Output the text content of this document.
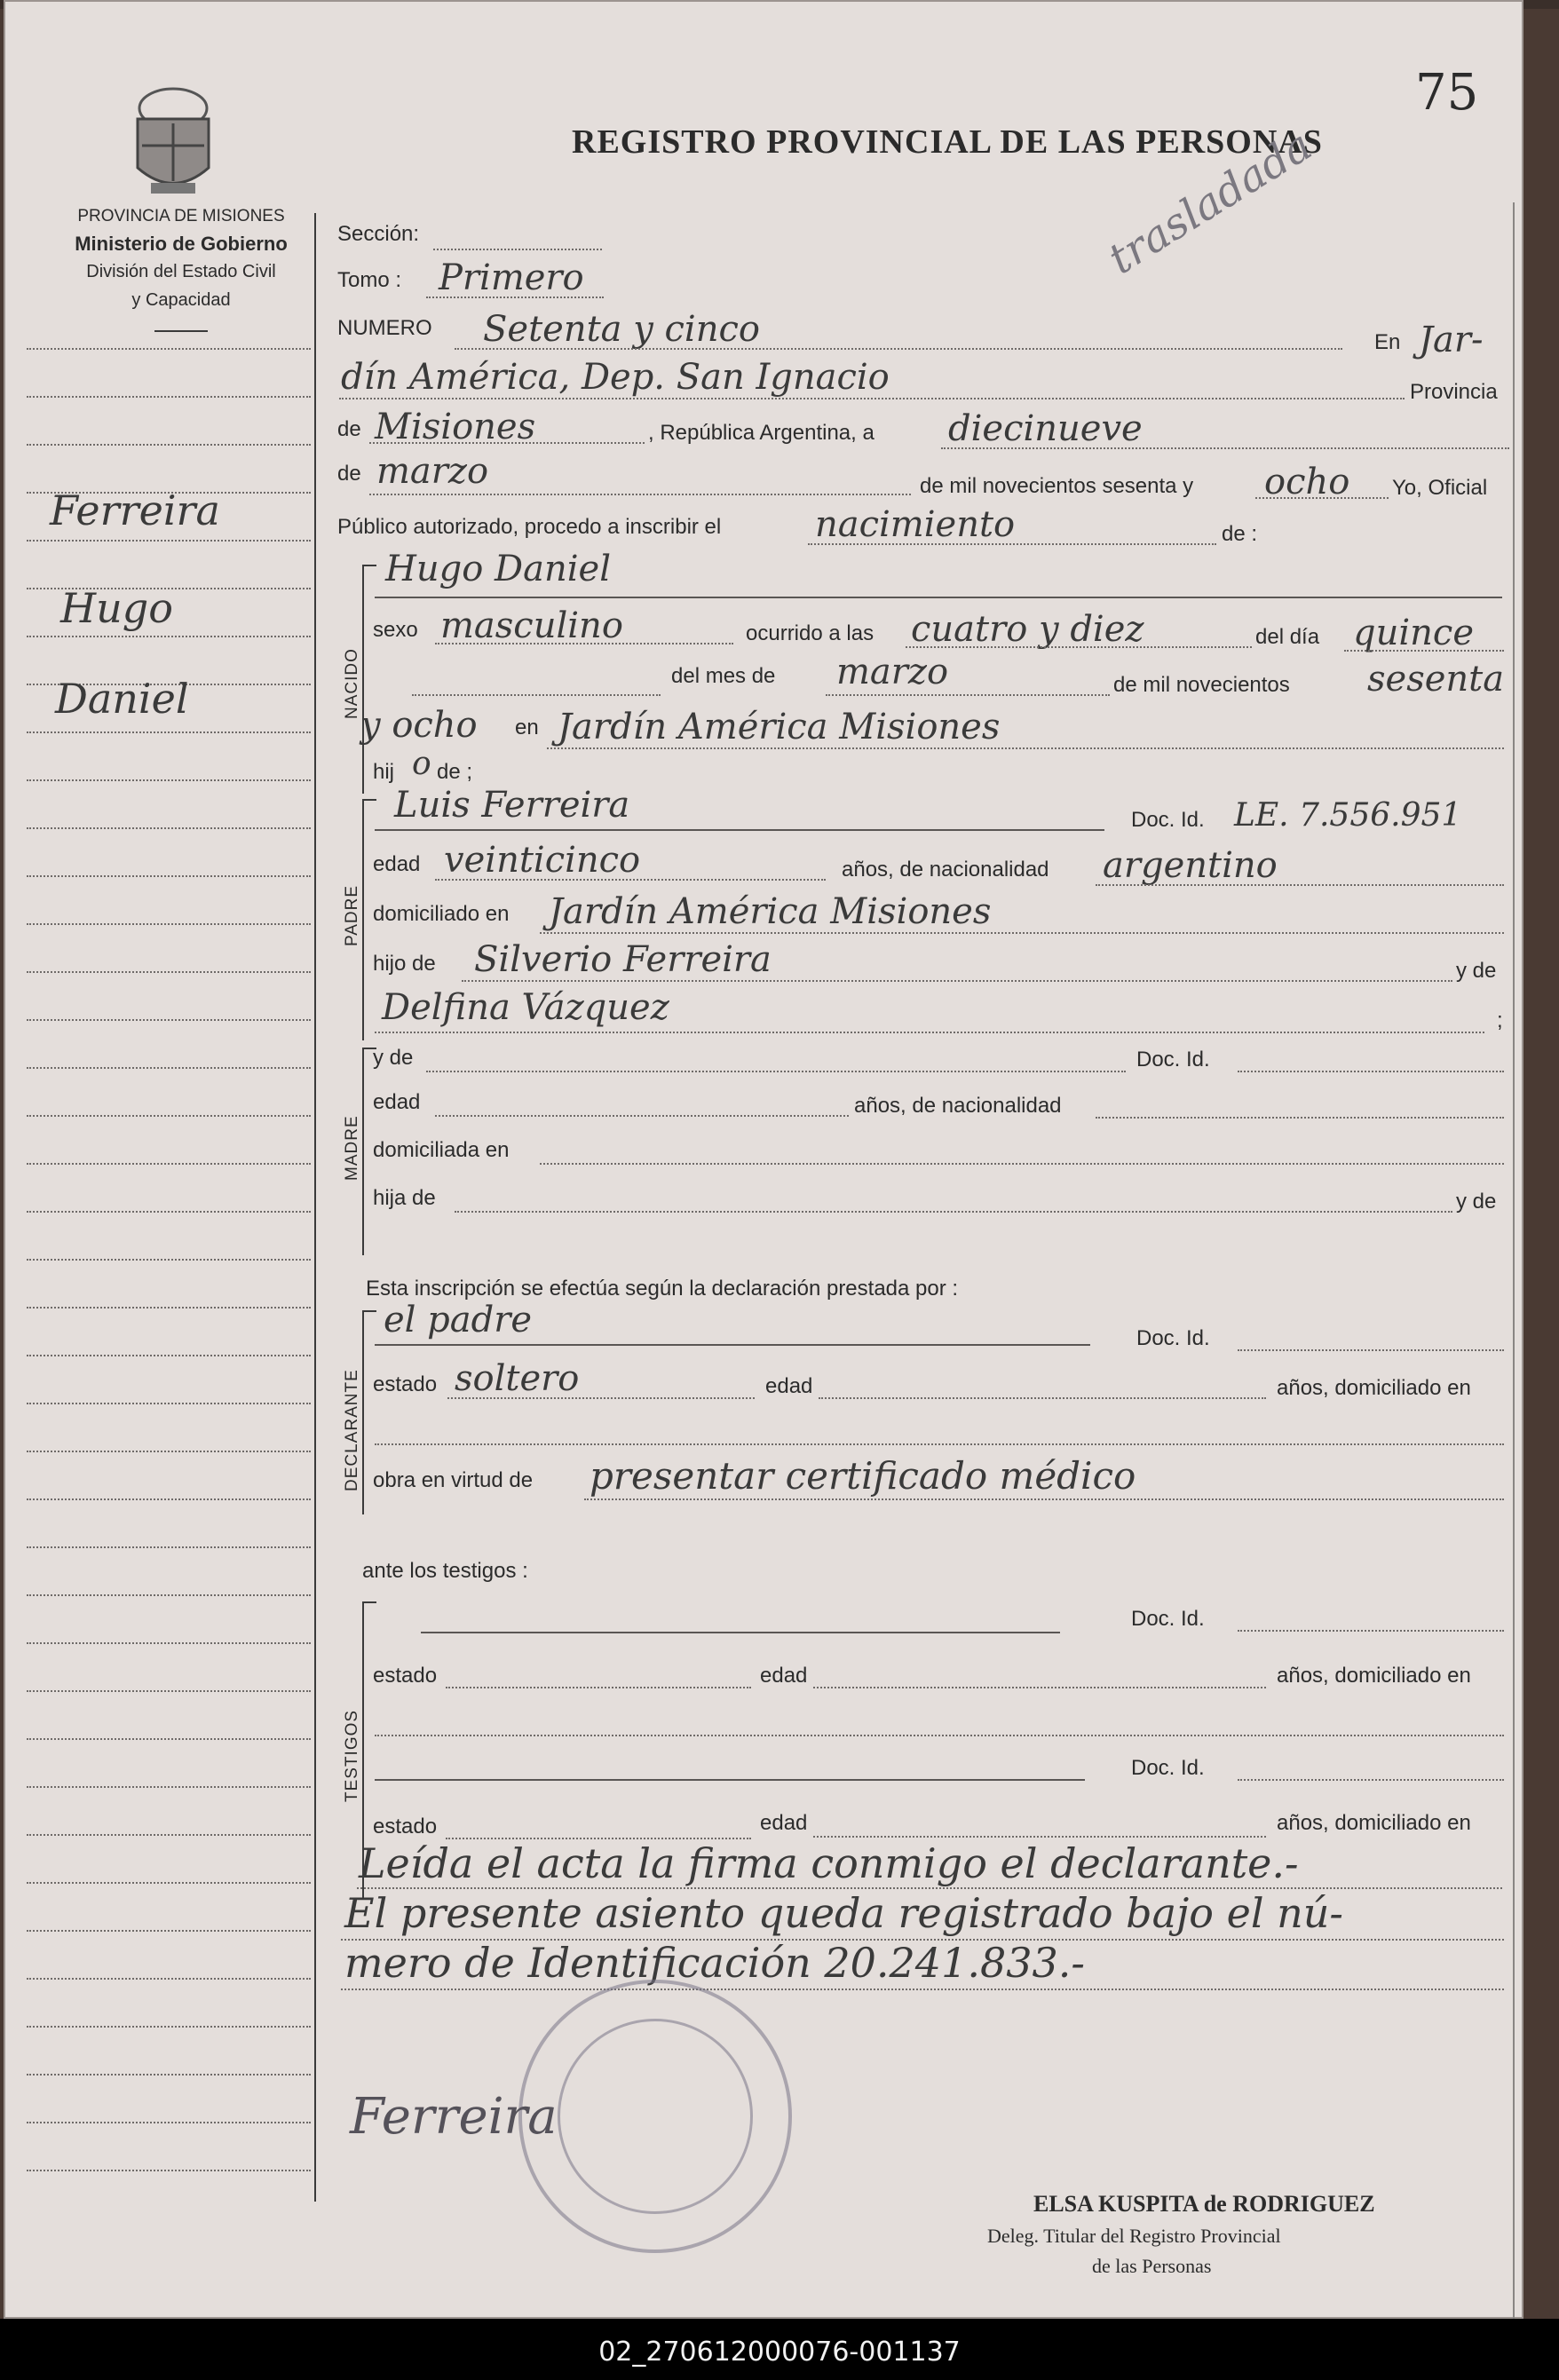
75
REGISTRO PROVINCIAL DE LAS PERSONAS
trasladada
PROVINCIA DE MISIONES
Ministerio de Gobierno
División del Estado Civil
y Capacidad
Ferreira
Hugo
Daniel
Sección:
Tomo : Primero
NUMERO Setenta y cinco	En Jar-
dín América, Dep. San Ignacio	Provincia
de Misiones	, República Argentina, a diecinueve
de marzo	de mil novecientos sesenta y ocho Yo, Oficial
Público autorizado, procedo a inscribir el	nacimiento	de :
NACIDO
Hugo Daniel
sexo masculino	ocurrido a las cuatro y diez	del día quince
del mes de marzo	de mil novecientos sesenta
y ocho en Jardín América Misiones
hij o de ;
PADRE
Luis Ferreira	Doc. Id. LE. 7.556.951
edad veinticinco	años, de nacionalidad argentino
domiciliado en Jardín América Misiones
hijo de Silverio Ferreira	y de
Delfina Vázquez	;
MADRE
y de	Doc. Id.
edad	años, de nacionalidad
domiciliada en
hija de	y de
Esta inscripción se efectúa según la declaración prestada por :
DECLARANTE
el padre	Doc. Id.
estado soltero	edad	años, domiciliado en
obra en virtud de presentar certificado médico
ante los testigos :
TESTIGOS
Doc. Id.
estado	edad	años, domiciliado en
Doc. Id.
estado	edad	años, domiciliado en
Leída el acta la firma conmigo el declarante.-
El presente asiento queda registrado bajo el nú-
mero de Identificación 20.241.833.-
Ferreira
ELSA KUSPITA de RODRIGUEZ
Deleg. Titular del Registro Provincial
de las Personas
02_270612000076-001137
